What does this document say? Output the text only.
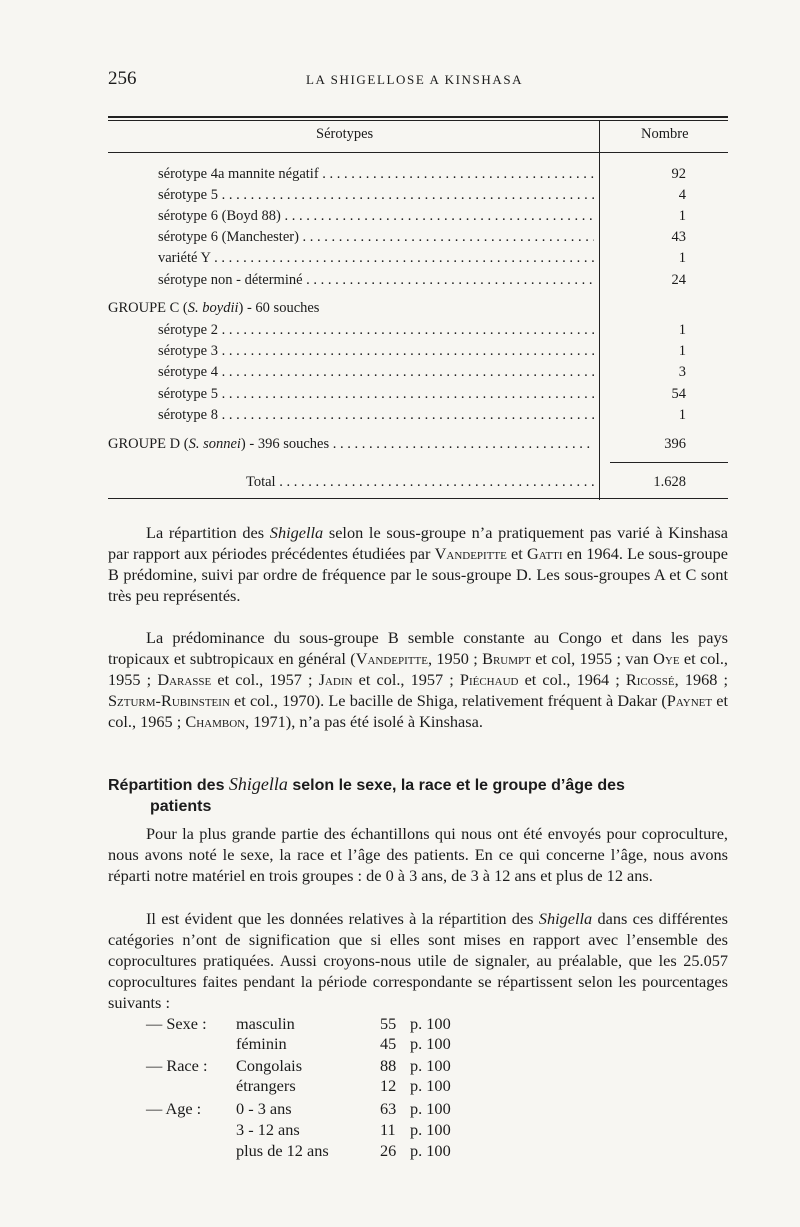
256	LA SHIGELLOSE A KINSHASA
Sérotypes	Nombre
sérotype 4a mannite négatif . . .	92
sérotype 5 . . .	4
sérotype 6 (Boyd 88) . . .	1
sérotype 6 (Manchester) . . .	43
variété Y . . .	1
sérotype non - déterminé . . .	24
GROUPE C (S. boydii) - 60 souches
sérotype 2 . . .	1
sérotype 3 . . .	1
sérotype 4 . . .	3
sérotype 5 . . .	54
sérotype 8 . . .	1
GROUPE D (S. sonnei) - 396 souches . . .	396
Total . . .	1.628

La répartition des Shigella selon le sous-groupe n’a pratiquement pas varié à Kinshasa par rapport aux périodes précédentes étudiées par Vandepitte et Gatti en 1964. Le sous-groupe B prédomine, suivi par ordre de fréquence par le sous-groupe D. Les sous-groupes A et C sont très peu représentés.

La prédominance du sous-groupe B semble constante au Congo et dans les pays tropicaux et subtropicaux en général (Vandepitte, 1950 ; Brumpt et col, 1955 ; van Oye et col., 1955 ; Darasse et col., 1957 ; Jadin et col., 1957 ; Piéchaud et col., 1964 ; Ricossé, 1968 ; Szturm-Rubinstein et col., 1970). Le bacille de Shiga, relativement fréquent à Dakar (Paynet et col., 1965 ; Chambon, 1971), n’a pas été isolé à Kinshasa.

Répartition des Shigella selon le sexe, la race et le groupe d’âge des
patients

Pour la plus grande partie des échantillons qui nous ont été envoyés pour coproculture, nous avons noté le sexe, la race et l’âge des patients. En ce qui concerne l’âge, nous avons réparti notre matériel en trois groupes : de 0 à 3 ans, de 3 à 12 ans et plus de 12 ans.

Il est évident que les données relatives à la répartition des Shigella dans ces différentes catégories n’ont de signification que si elles sont mises en rapport avec l’ensemble des coprocultures pratiquées. Aussi croyons-nous utile de signaler, au préalable, que les 25.057 coprocultures faites pendant la période correspondante se répartissent selon les pourcentages suivants :

— Sexe : masculin	55 p. 100
féminin	45 p. 100
— Race : Congolais	88 p. 100
étrangers	12 p. 100
— Age : 0 - 3 ans	63 p. 100
3 - 12 ans	11 p. 100
plus de 12 ans	26 p. 100
